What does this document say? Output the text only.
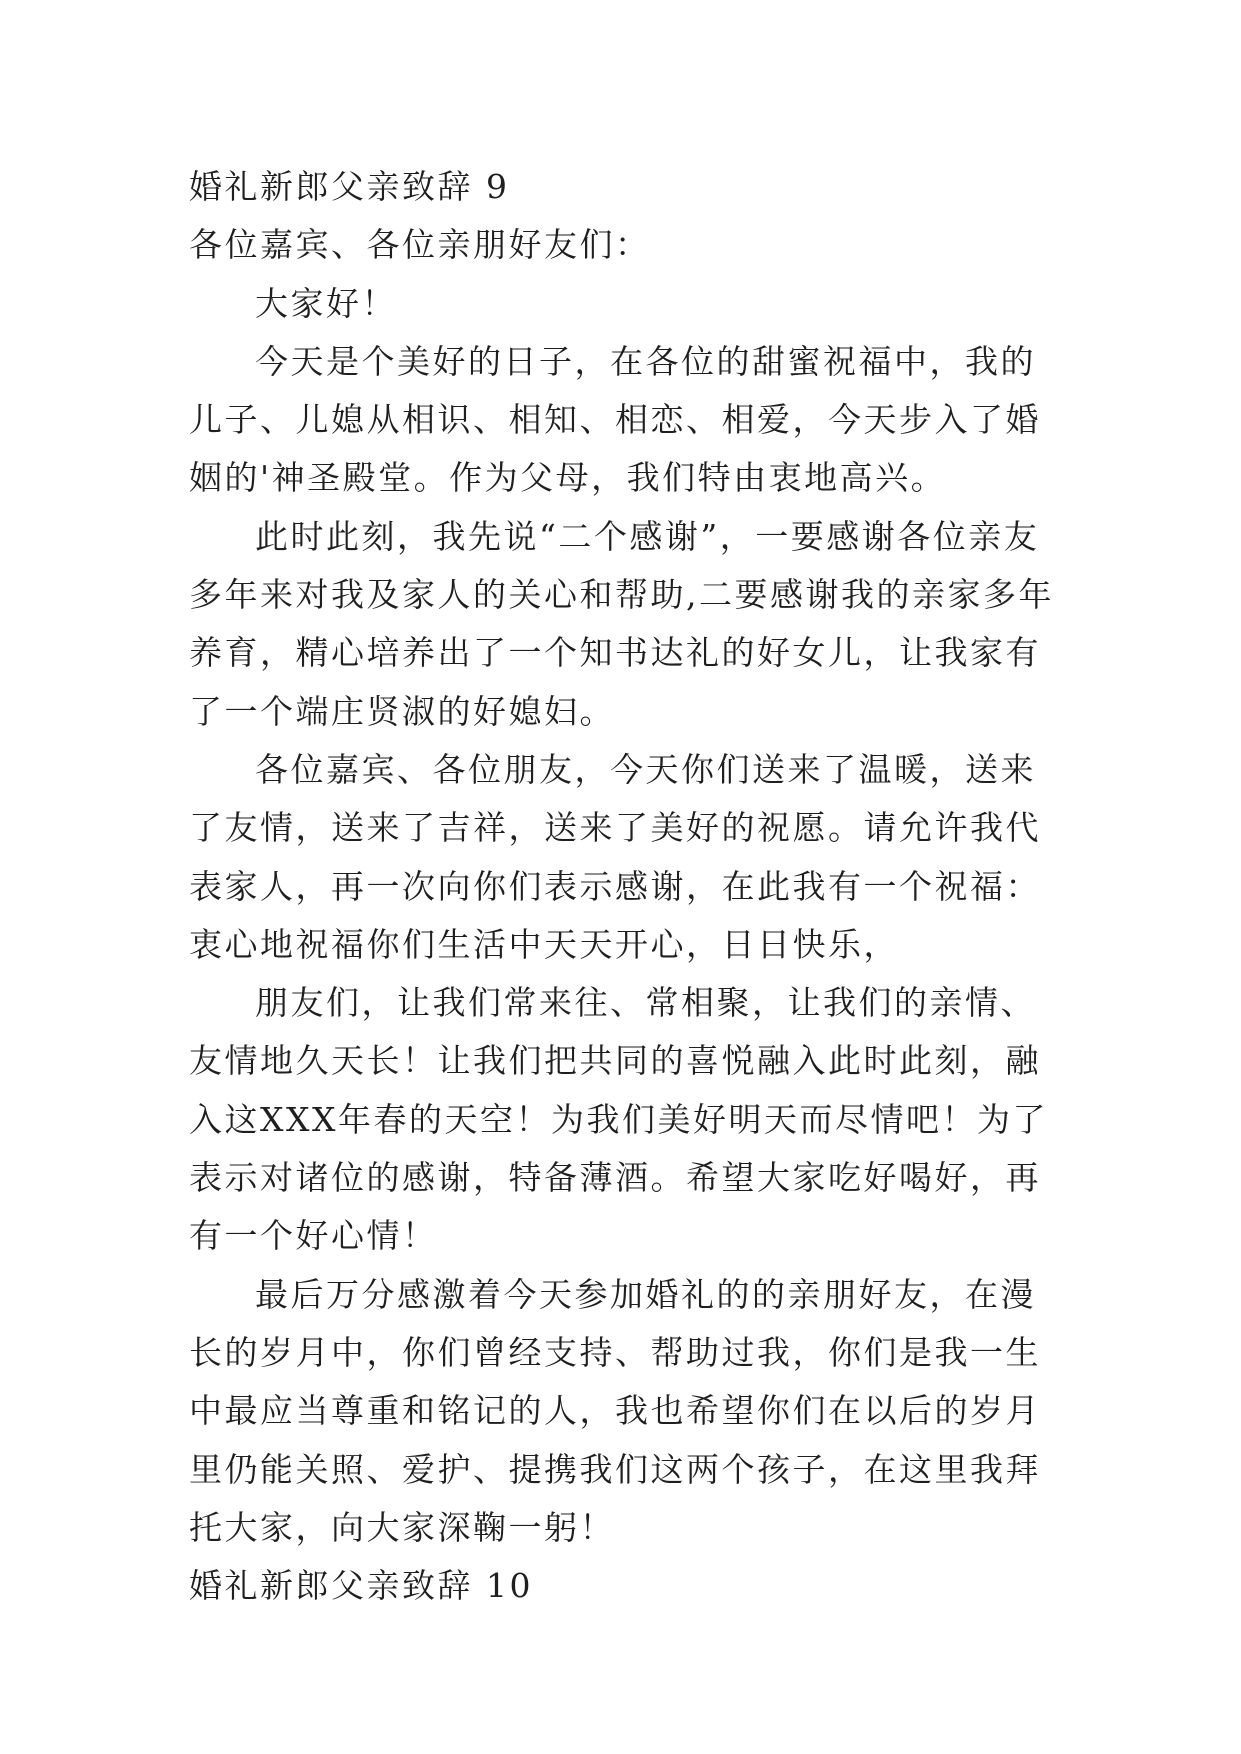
婚礼新郎父亲致辞 9

各位嘉宾、各位亲朋好友们：

大家好！

今天是个美好的日子，在各位的甜蜜祝福中，我的儿子、儿媳从相识、相知、相恋、相爱，今天步入了婚姻的'神圣殿堂。作为父母，我们特由衷地高兴。

此时此刻，我先说“二个感谢”，一要感谢各位亲友多年来对我及家人的关心和帮助,二要感谢我的亲家多年养育，精心培养出了一个知书达礼的好女儿，让我家有了一个端庄贤淑的好媳妇。

各位嘉宾、各位朋友，今天你们送来了温暖，送来了友情，送来了吉祥，送来了美好的祝愿。请允许我代表家人，再一次向你们表示感谢，在此我有一个祝福：衷心地祝福你们生活中天天开心，日日快乐，

朋友们，让我们常来往、常相聚，让我们的亲情、友情地久天长！让我们把共同的喜悦融入此时此刻，融入这XXX年春的天空！为我们美好明天而尽情吧！为了表示对诸位的感谢，特备薄酒。希望大家吃好喝好，再有一个好心情！

最后万分感激着今天参加婚礼的的亲朋好友，在漫长的岁月中，你们曾经支持、帮助过我，你们是我一生中最应当尊重和铭记的人，我也希望你们在以后的岁月里仍能关照、爱护、提携我们这两个孩子，在这里我拜托大家，向大家深鞠一躬！

婚礼新郎父亲致辞 10
